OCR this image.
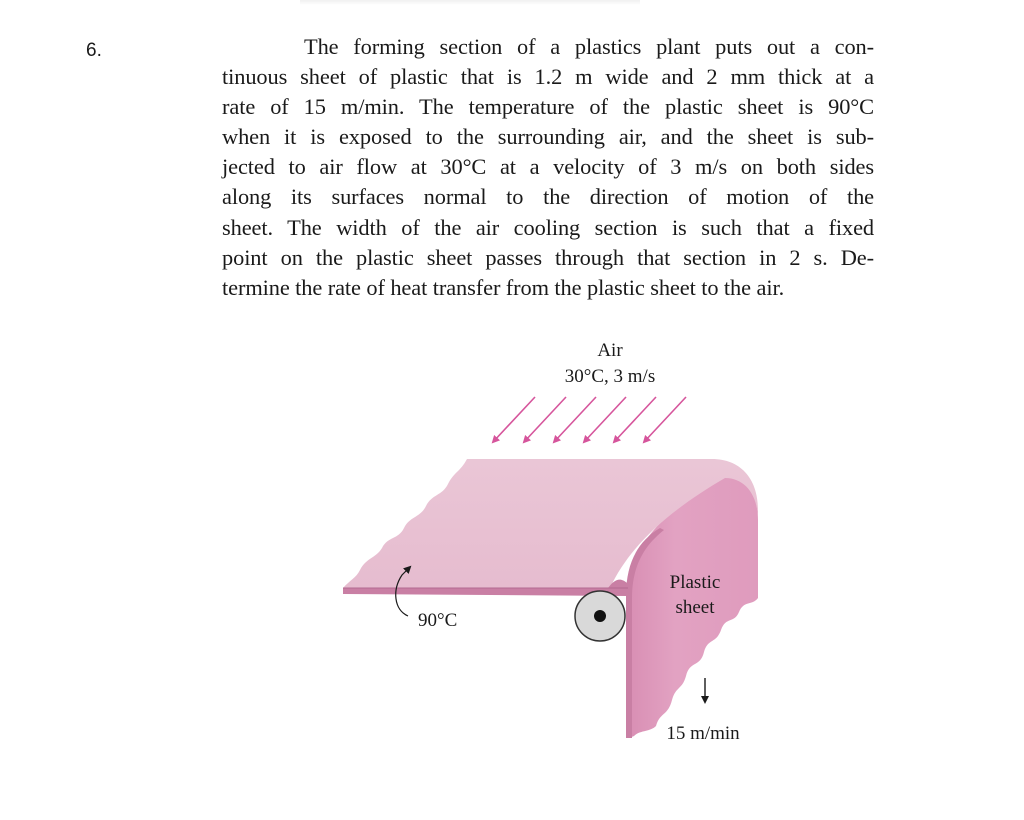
6.	The forming section of a plastics plant puts out a con-
tinuous sheet of plastic that is 1.2 m wide and 2 mm thick at a
rate of 15 m/min. The temperature of the plastic sheet is 90°C
when it is exposed to the surrounding air, and the sheet is sub-
jected to air flow at 30°C at a velocity of 3 m/s on both sides
along its surfaces normal to the direction of motion of the
sheet. The width of the air cooling section is such that a fixed
point on the plastic sheet passes through that section in 2 s. De-
termine the rate of heat transfer from the plastic sheet to the air.
Air
30°C, 3 m/s
90°C
Plastic
sheet
15 m/min
